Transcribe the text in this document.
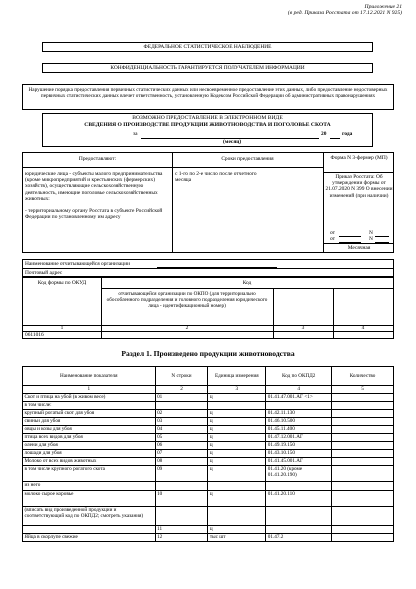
Приложение 21
(в ред. Приказа Росстата от 17.12.2021 N 925)
ФЕДЕРАЛЬНОЕ СТАТИСТИЧЕСКОЕ НАБЛЮДЕНИЕ
КОНФИДЕНЦИАЛЬНОСТЬ ГАРАНТИРУЕТСЯ ПОЛУЧАТЕЛЕМ ИНФОРМАЦИИ
Нарушение порядка предоставления первичных статистических данных или несвоевременное предоставление этих данных, либо предоставление недостоверных первичных статистических данных влечет ответственность, установленную Кодексом Российской Федерации об административных правонарушениях
ВОЗМОЖНО ПРЕДОСТАВЛЕНИЕ В ЭЛЕКТРОННОМ ВИДЕ
СВЕДЕНИЯ О ПРОИЗВОДСТВЕ ПРОДУКЦИИ ЖИВОТНОВОДСТВА И ПОГОЛОВЬЕ СКОТА
за	20	года
(месяц)
Предоставляют:	Сроки предоставления	Форма N 3-фермер (МП)
юридические лица - субъекты малого предпринимательства (кроме микропредприятий и крестьянских (фермерских) хозяйств), осуществляющие сельскохозяйственную деятельность, имеющие поголовье сельскохозяйственных животных:
- территориальному органу Росстата в субъекте Российской Федерации по установленному им адресу
с 1-го по 2-е число после отчетного месяца
Приказ Росстата: Об утверждении формы от 21.07.2020 N 399 О внесении изменений (при наличии)
от	N
от	N
Месячная
Наименование отчитывающейся организации
Почтовый адрес
Код формы по ОКУД	Код
отчитывающейся организации по ОКПО (для территориально обособленного подразделения и головного подразделения юридического лица - идентификационный номер)
1	2	3	4
0611016
Раздел 1. Произведено продукции животноводства
Наименование показателя	N строки	Единица измерения	Код по ОКПД2	Количество
1	2	3	4	5
Скот и птица на убой (в живом весе)	01	ц	01.41.47.001.АГ <1>	
в том числе:				
крупный рогатый скот для убоя	02	ц	01.42.11.130	
свиньи для убоя	03	ц	01.46.10.500	
овцы и козы для убоя	04	ц	01.45.11.400	
птица всех видов для убоя	05	ц	01.47.12.001.АГ	
олени для убоя	06	ц	01.49.19.150	
лошади для убоя	07	ц	01.43.10.150	
Молоко от всех видов животных	08	ц	01.41.45.001.АГ	
в том числе крупного рогатого скота	09	ц	01.41.20 (кроме 01.41.20.190)	
из него				
молоко сырое коровье	10	ц	01.41.20.110	
(вписать вид произведенной продукции и соответствующий код по ОКПД2; смотреть указания)				
	11	ц		
Яйца в скорлупе свежие	12	тыс шт	01.47.2	
